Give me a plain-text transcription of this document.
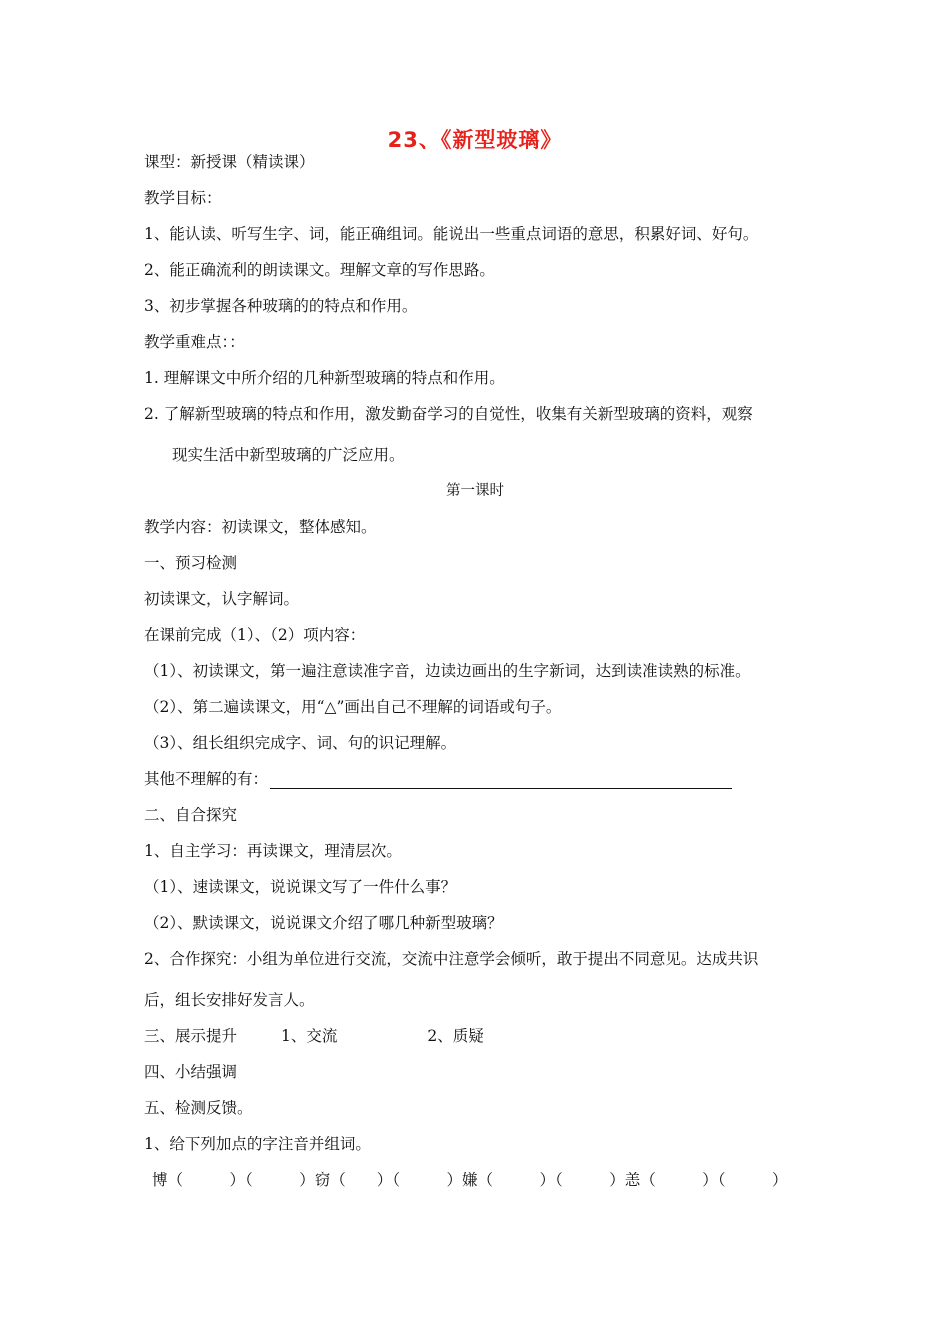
23、《新型玻璃》
课型：新授课（精读课）
教学目标：
1、能认读、听写生字、词，能正确组词。能说出一些重点词语的意思，积累好词、好句。
2、能正确流利的朗读课文。理解文章的写作思路。
3、初步掌握各种玻璃的的特点和作用。
教学重难点：：
1. 理解课文中所介绍的几种新型玻璃的特点和作用。
2. 了解新型玻璃的特点和作用，激发勤奋学习的自觉性，收集有关新型玻璃的资料，观察
现实生活中新型玻璃的广泛应用。
第一课时
教学内容：初读课文，整体感知。
一、预习检测
初读课文，认字解词。
在课前完成（1）、（2）项内容：
（1）、初读课文，第一遍注意读准字音，边读边画出的生字新词，达到读准读熟的标准。
（2）、第二遍读课文，用“△”画出自己不理解的词语或句子。
（3）、组长组织完成字、词、句的识记理解。
其他不理解的有：
二、自合探究
1、自主学习：再读课文，理清层次。
（1）、速读课文，说说课文写了一件什么事？
（2）、默读课文，说说课文介绍了哪几种新型玻璃？
2、合作探究：小组为单位进行交流，交流中注意学会倾听，敢于提出不同意见。达成共识
后，组长安排好发言人。
三、展示提升	1、交流	2、质疑
四、小结强调
五、检测反馈。
1、给下列加点的字注音并组词。
博（　　　）（　　　）窃（　　）（　　　）嫌（　　　）（　　　）恙（　　　）（　　　）
